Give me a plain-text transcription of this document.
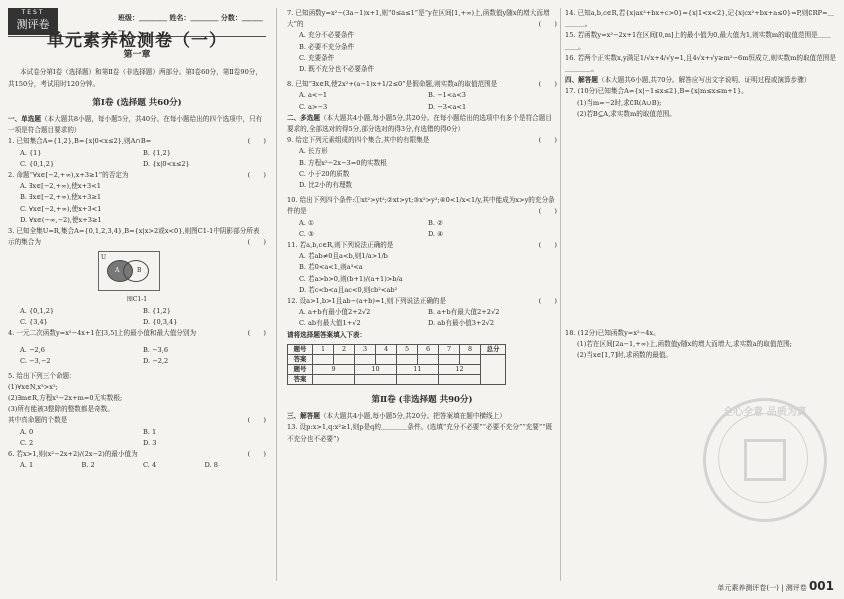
TEST
测评卷
班级：＿＿＿＿ 姓名：＿＿＿＿ 分数：＿＿＿＿
单元素养检测卷（一）
第一章
本试卷分第Ⅰ卷（选择题）和第Ⅱ卷（非选择题）两部分。第Ⅰ卷60分，第Ⅱ卷90分，共150分，考试用时120分钟。
第Ⅰ卷 (选择题 共60分)
一、单选题（本大题共8小题，每小题5分，共40分。在每小题给出的四个选项中，只有一项是符合题目要求的）
1. 已知集合A={1,2},B={x|0<x≤2},则A∩B=	(　　)
A. {1}	B. {1,2}
C. {0,1,2}	D. {x|0<x≤2}
2. 命题“∀x∈[−2,+∞),x+3≥1”的否定为	(　　)
A. ∃x∈[−2,+∞),使x+3<1
B. ∃x∈[−2,+∞),使x+3≥1
C. ∀x∈[−2,+∞),使x+3<1
D. ∀x∈(−∞,−2),使x+3≥1
3. 已知全集U=R,集合A={0,1,2,3,4},B={x|x>2或x<0},则图C1-1中阴影部分所表示的集合为	(　　)
U
A	B
图C1-1
A. {0,1,2}	B. {1,2}
C. {3,4}	D. {0,3,4}
4. 一元二次函数y=x²−4x+1在[3,5]上的最小值和最大值分别为	(　　)
A. −2,6	B. −3,6
C. −3,−2	D. −2,2
5. 给出下列三个命题：
(1)∀x∈N,x³>x²;
(2)∃m∈R,方程x²−2x+m=0无实数根;
(3)所有能被3整除的整数都是奇数。
其中真命题的个数是	(　　)
A. 0	B. 1
C. 2	D. 3
6. 若x>1,则(x²−2x+2)/(2x−2)的最小值为	(　　)
A. 1	B. 2	C. 4	D. 8
7. 已知函数y=x²−(3a−1)x+1,则“0≤a≤1”是“y在区间[1,+∞)上,函数值y随x的增大而增大”的	(　　)
A. 充分不必要条件
B. 必要不充分条件
C. 充要条件
D. 既不充分也不必要条件
8. 已知“∃x∈R,使2x²+(a−1)x+1/2≤0”是假命题,则实数a的取值范围是	(　　)
A. a<−1	B. −1<a<3
C. a>−3	D. −3<a<1
二、多选题（本大题共4小题,每小题5分,共20分。在每小题给出的选项中有多个是符合题目要求的,全部选对的得5分,部分选对的得3分,有选错的得0分）
9. 给定下列元素组成的四个集合,其中的有限集是	(　　)
A. 长方形
B. 方程x²−2x−3=0的实数根
C. 小于20的质数
D. 比2小的有理数
10. 给出下列四个条件:①xt²>yt²;②xt>yt;③x²>y²;④0<1/x<1/y,其中能成为x>y的充分条件的是	(　　)
A. ①	B. ②
C. ③	D. ④
11. 若a,b,c∈R,则下列说法正确的是	(　　)
A. 若ab≠0且a<b,则1/a>1/b
B. 若0<a<1,则a³<a
C. 若a>b>0,则(b+1)/(a+1)>b/a
D. 若c<b<a且ac<0,则cb²<ab²
12. 设a>1,b>1且ab−(a+b)=1,则下列说法正确的是	(　　)
A. a+b有最小值2+2√2	B. a+b有最大值2+2√2
C. ab有最大值1+√2	D. ab有最小值3+2√2
请将选择题答案填入下表：
题号	1	2	3	4	5	6	7	8	总分
答案									
题号	9		10		11		12		
答案									
第Ⅱ卷 (非选择题 共90分)
三、解答题（本大题共4小题,每小题5分,共20分。把答案填在题中横线上）
13. 设p:x>1,q:x²≥1,则p是q的＿＿＿＿条件。(选填“充分不必要”“必要不充分”“充要”“既不充分也不必要”)
14. 已知a,b,c∈R,若{x|ax²+bx+c>0}={x|1<x<2},记{x|cx²+bx+a≤0}=P,则∁RP=＿＿＿＿。
15. 若函数y=x²−2x+1在区间[0,m]上的最小值为0,最大值为1,则实数m的取值范围是＿＿＿＿。
16. 若两个正实数x,y满足1/√x+4/√y=1,且4√x+√y≥m²−6m恒成立,则实数m的取值范围是＿＿＿＿。
四、解答题（本大题共6小题,共70分。解答应写出文字说明、证明过程或演算步骤）
17. (10分)已知集合A={x|−1≤x≤2},B={x|m≤x≤m+1}。
(1)当m=−2时,求∁R(A∪B);
(2)若B⊆A,求实数m的取值范围。
18. (12分)已知函数y=x²−4x。
(1)若在区间[2a−1,+∞)上,函数值y随x的增大而增大,求实数a的取值范围;
(2)当x∈[1,7]时,求函数的最值。
全心全意 品质为真
单元素养测评卷(一) | 测评卷 001
